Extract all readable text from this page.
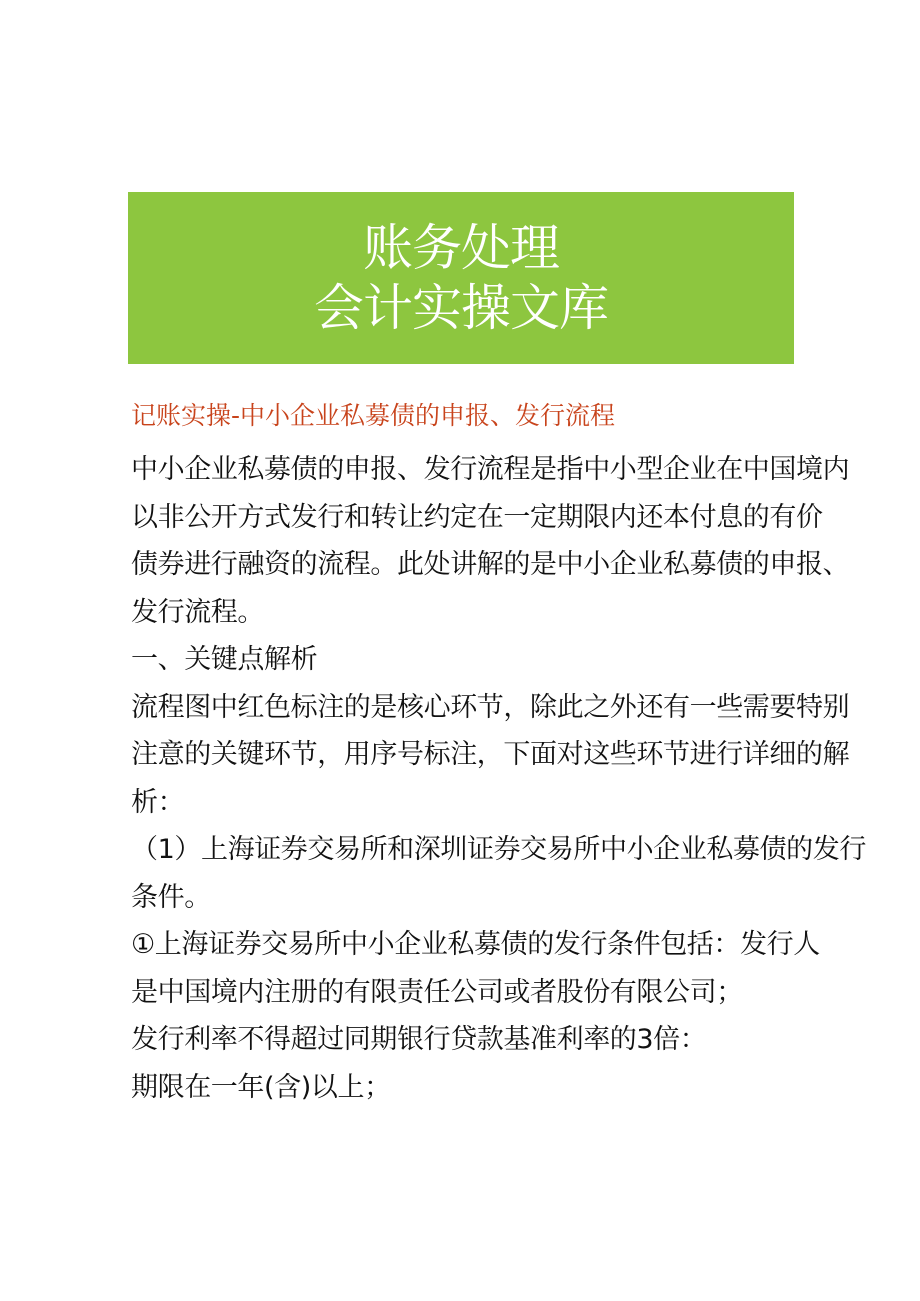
账务处理
会计实操文库
记账实操-中小企业私募债的申报、发行流程
中小企业私募债的申报、发行流程是指中小型企业在中国境内
以非公开方式发行和转让约定在一定期限内还本付息的有价
债券进行融资的流程。此处讲解的是中小企业私募债的申报、
发行流程。
一、关键点解析
流程图中红色标注的是核心环节，除此之外还有一些需要特别
注意的关键环节，用序号标注，下面对这些环节进行详细的解
析：
（1）上海证券交易所和深圳证券交易所中小企业私募债的发行
条件。
①上海证券交易所中小企业私募债的发行条件包括：发行人
是中国境内注册的有限责任公司或者股份有限公司；
发行利率不得超过同期银行贷款基准利率的3倍：
期限在一年(含)以上；
